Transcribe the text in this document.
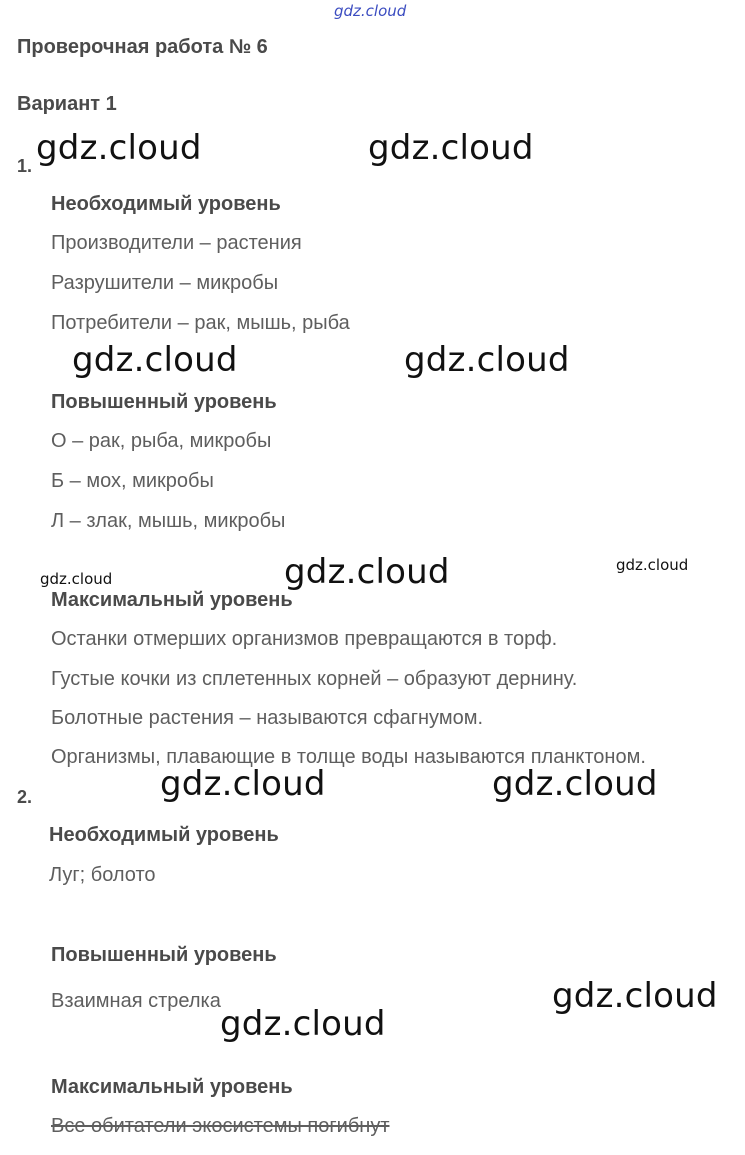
gdz.cloud
Проверочная работа № 6
Вариант 1
1.
Необходимый уровень
Производители – растения
Разрушители – микробы
Потребители – рак, мышь, рыба
Повышенный уровень
О – рак, рыба, микробы
Б – мох, микробы
Л – злак, мышь, микробы
Максимальный уровень
Останки отмерших организмов превращаются в торф.
Густые кочки из сплетенных корней – образуют дернину.
Болотные растения – называются сфагнумом.
Организмы, плавающие в толще воды называются планктоном.
2.
Необходимый уровень
Луг; болото
Повышенный уровень
Взаимная стрелка
Максимальный уровень
Все обитатели экосистемы погибнут
gdz.cloud	gdz.cloud
gdz.cloud	gdz.cloud
gdz.cloud	gdz.cloud	gdz.cloud
gdz.cloud	gdz.cloud
gdz.cloud
gdz.cloud
